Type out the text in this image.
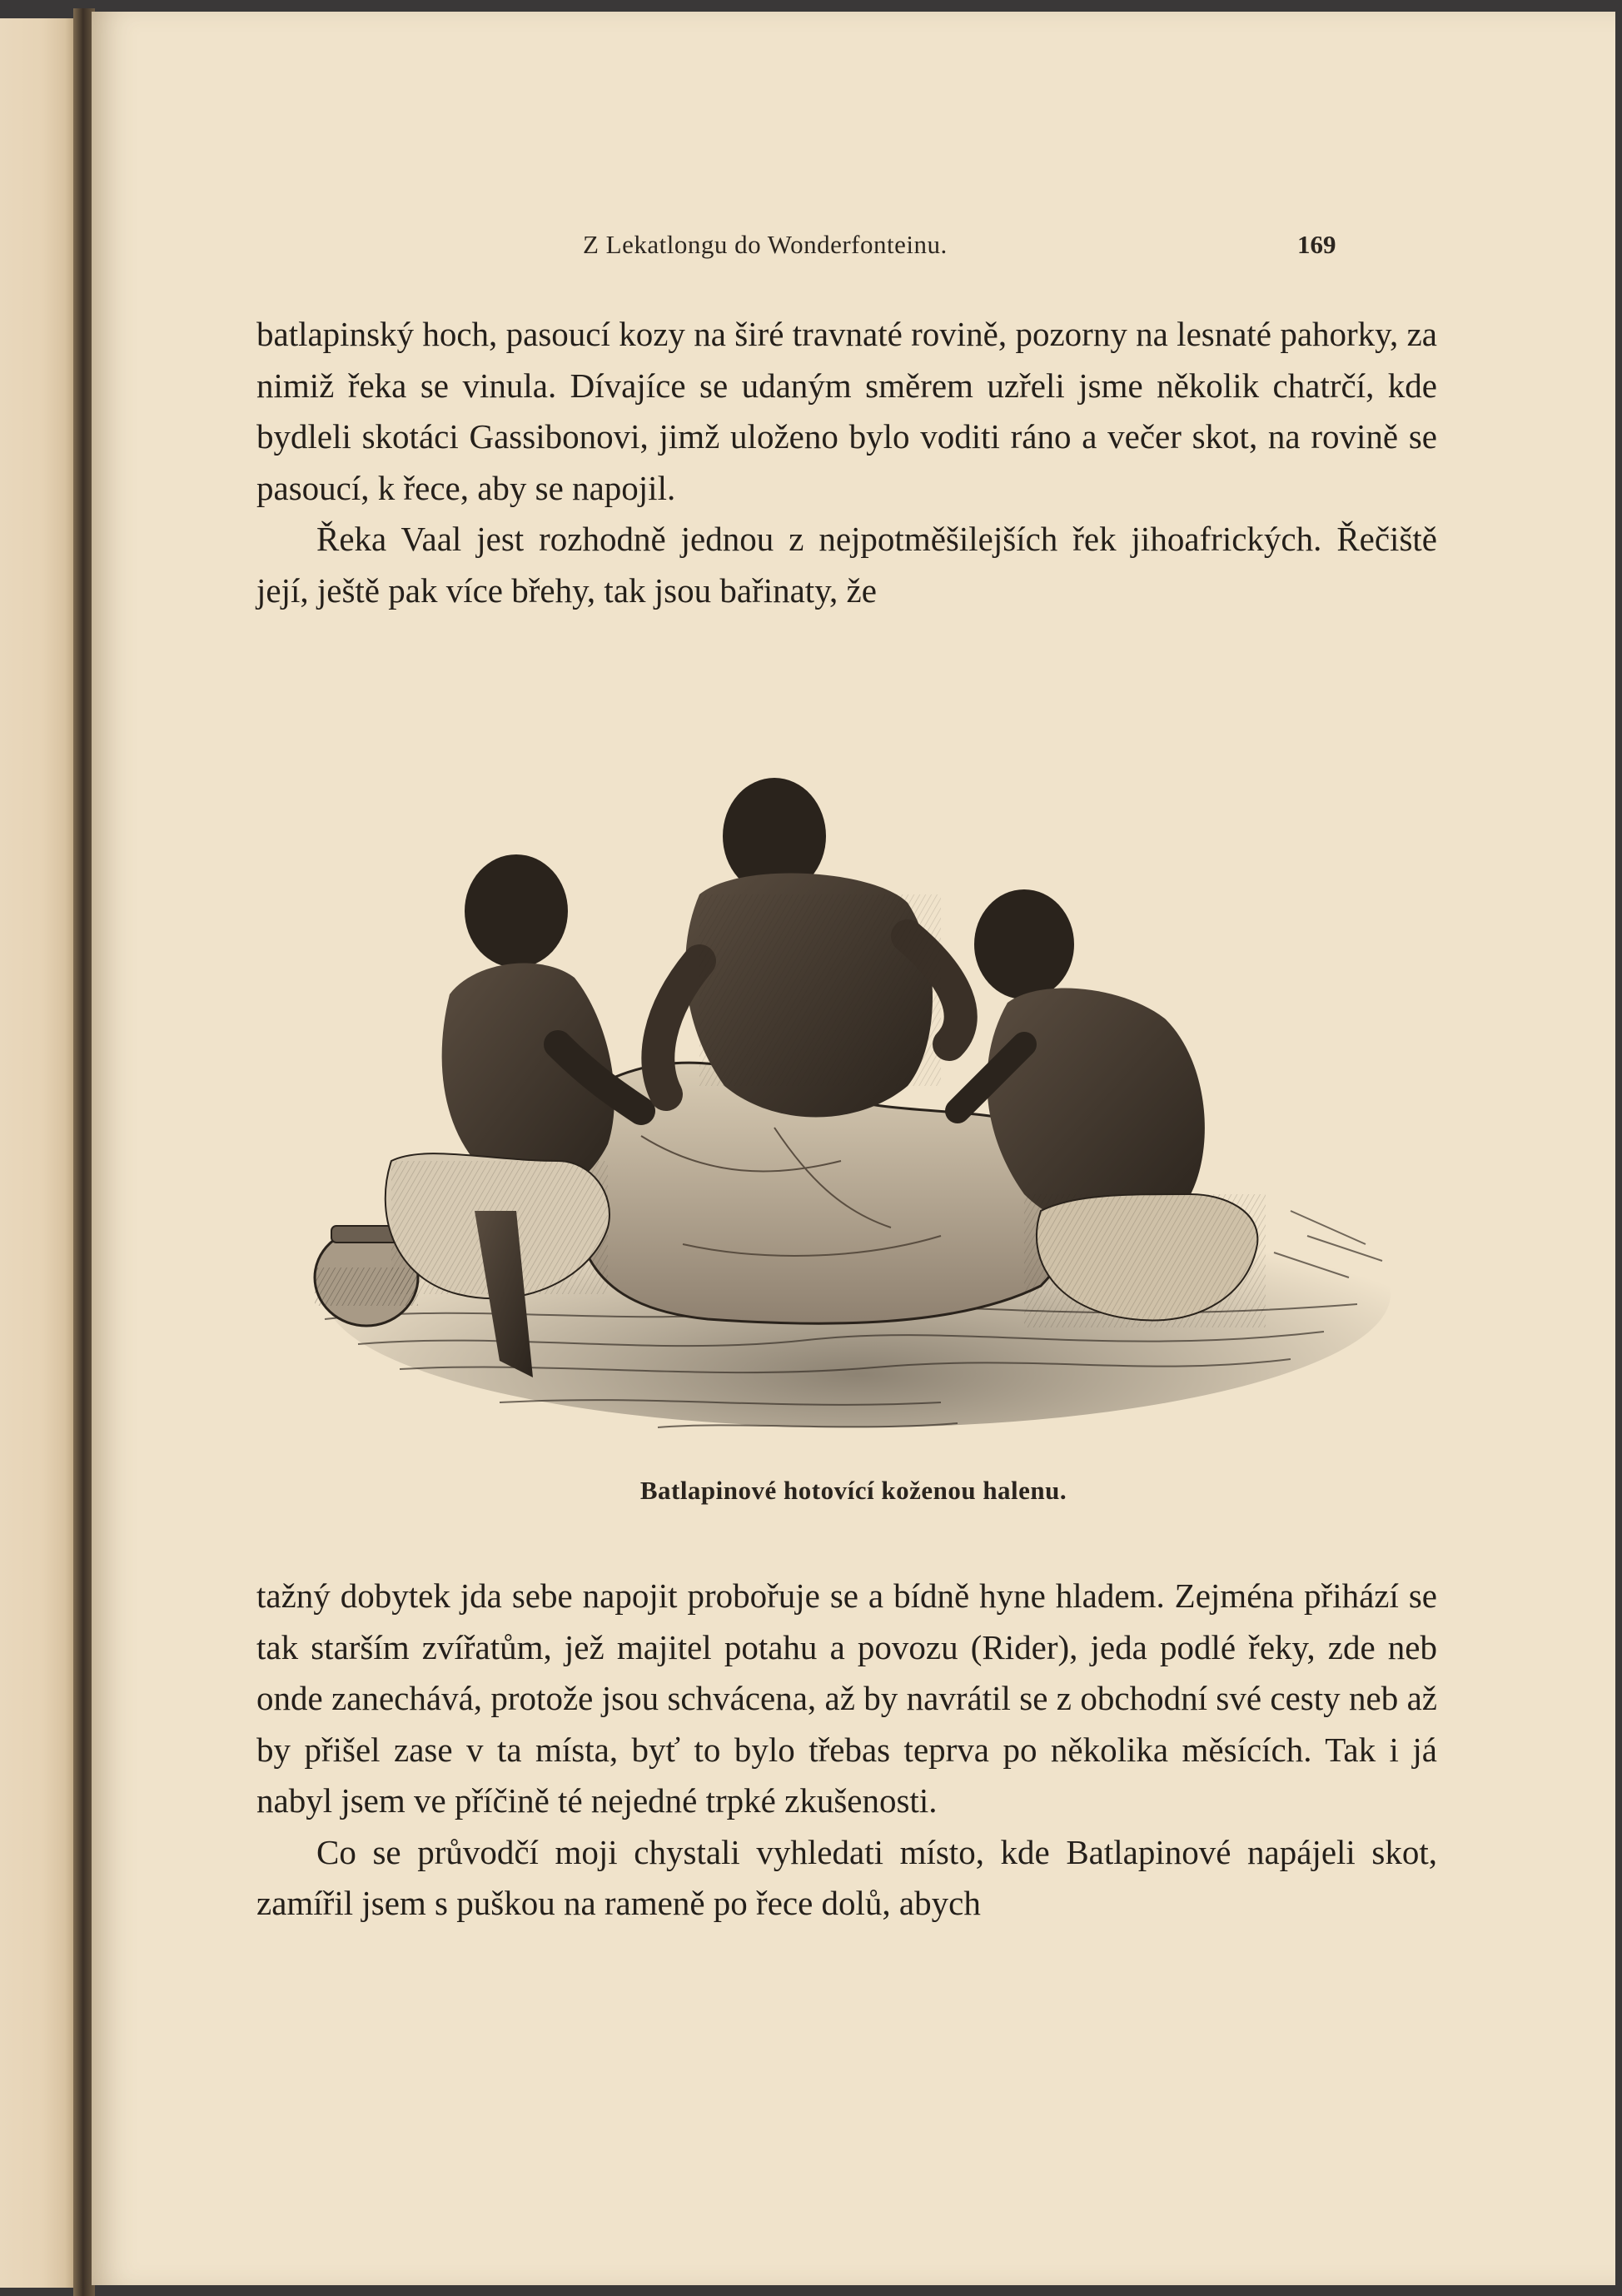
Z Lekatlongu do Wonderfonteinu.	169

batlapinský hoch, pasoucí kozy na širé travnaté rovině, pozorny na lesnaté pahorky, za nimiž řeka se vinula. Dívajíce se udaným směrem uzřeli jsme několik chatrčí, kde bydleli skotáci Gassibonovi, jimž uloženo bylo voditi ráno a večer skot, na rovině se pasoucí, k řece, aby se napojil.

Řeka Vaal jest rozhodně jednou z nejpotměšilejších řek jihoafrických. Řečiště její, ještě pak více břehy, tak jsou bařinaty, že

Batlapinové hotovící koženou halenu.

tažný dobytek jda sebe napojit probořuje se a bídně hyne hladem. Zejména přihází se tak starším zvířatům, jež majitel potahu a povozu (Rider), jeda podlé řeky, zde neb onde zanechává, protože jsou schvácena, až by navrátil se z obchodní své cesty neb až by přišel zase v ta místa, byť to bylo třebas teprva po několika měsících. Tak i já nabyl jsem ve příčině té nejedné trpké zkušenosti.

Co se průvodčí moji chystali vyhledati místo, kde Batlapinové napájeli skot, zamířil jsem s puškou na rameně po řece dolů, abych
